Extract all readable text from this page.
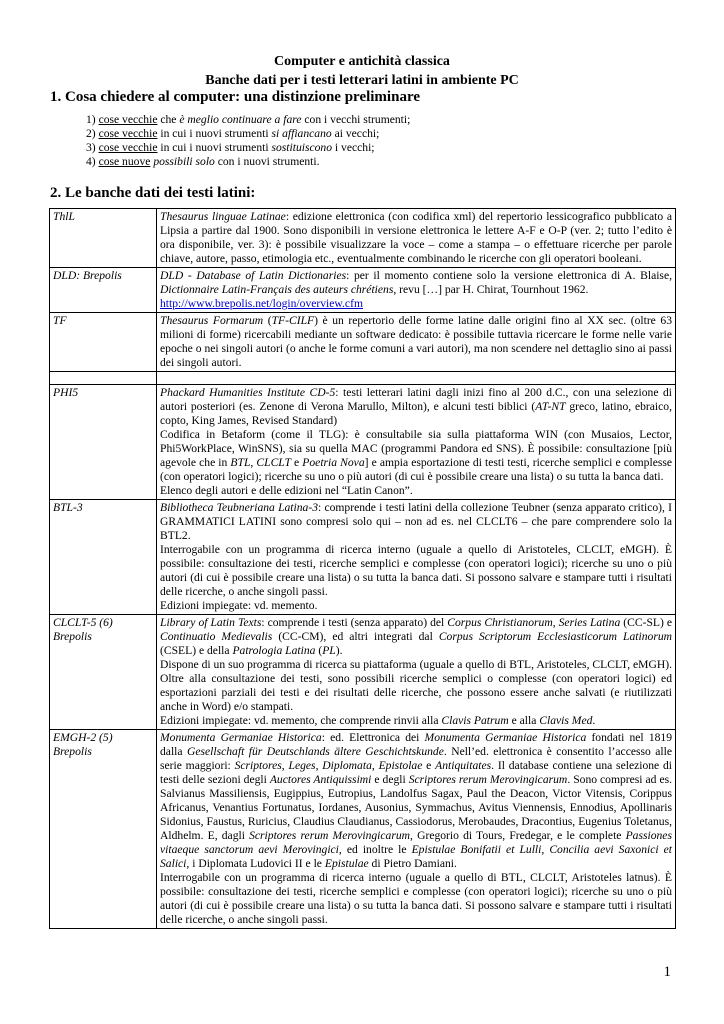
Computer e antichità classica
Banche dati per i testi letterari latini in ambiente PC
1. Cosa chiedere al computer: una distinzione preliminare
1) cose vecchie che è meglio continuare a fare con i vecchi strumenti;
2) cose vecchie in cui i nuovi strumenti si affiancano ai vecchi;
3) cose vecchie in cui i nuovi strumenti sostituiscono i vecchi;
4) cose nuove possibili solo con i nuovi strumenti.
2. Le banche dati dei testi latini:
ThlL	Thesaurus linguae Latinae: edizione elettronica (con codifica xml) del repertorio lessicografico pubblicato a Lipsia a partire dal 1900. Sono disponibili in versione elettronica le lettere A-F e O-P (ver. 2; tutto l’edito è ora disponibile, ver. 3): è possibile visualizzare la voce – come a stampa – o effettuare ricerche per parole chiave, autore, passo, etimologia etc., eventualmente combinando le ricerche con gli operatori booleani.
DLD: Brepolis	DLD - Database of Latin Dictionaries: per il momento contiene solo la versione elettronica di A. Blaise, Dictionnaire Latin-Français des auteurs chrétiens, revu […] par H. Chirat, Tournhout 1962.
http://www.brepolis.net/login/overview.cfm
TF	Thesaurus Formarum (TF-CILF) è un repertorio delle forme latine dalle origini fino al XX sec. (oltre 63 milioni di forme) ricercabili mediante un software dedicato: è possibile tuttavia ricercare le forme nelle varie epoche o nei singoli autori (o anche le forme comuni a vari autori), ma non scendere nel dettaglio sino ai passi dei singoli autori.

PHI5	Phackard Humanities Institute CD-5: testi letterari latini dagli inizi fino al 200 d.C., con una selezione di autori posteriori (es. Zenone di Verona Marullo, Milton), e alcuni testi biblici (AT-NT greco, latino, ebraico, copto, King James, Revised Standard)
Codifica in Betaform (come il TLG): è consultabile sia sulla piattaforma WIN (con Musaios, Lector, Phi5WorkPlace, WinSNS), sia su quella MAC (programmi Pandora ed SNS). È possibile: consultazione [più agevole che in BTL, CLCLT e Poetria Nova] e ampia esportazione di testi testi, ricerche semplici e complesse (con operatori logici); ricerche su uno o più autori (di cui è possibile creare una lista) o su tutta la banca dati.
Elenco degli autori e delle edizioni nel “Latin Canon”.
BTL-3	Bibliotheca Teubneriana Latina-3: comprende i testi latini della collezione Teubner (senza apparato critico), I GRAMMATICI LATINI sono compresi solo qui – non ad es. nel CLCLT6 – che pare comprendere solo la BTL2.
Interrogabile con un programma di ricerca interno (uguale a quello di Aristoteles, CLCLT, eMGH). È possibile: consultazione dei testi, ricerche semplici e complesse (con operatori logici); ricerche su uno o più autori (di cui è possibile creare una lista) o su tutta la banca dati. Si possono salvare e stampare tutti i risultati delle ricerche, o anche singoli passi.
Edizioni impiegate: vd. memento.
CLCLT-5 (6)
Brepolis	Library of Latin Texts: comprende i testi (senza apparato) del Corpus Christianorum, Series Latina (CC-SL) e Continuatio Medievalis (CC-CM), ed altri integrati dal Corpus Scriptorum Ecclesiasticorum Latinorum (CSEL) e della Patrologia Latina (PL).
Dispone di un suo programma di ricerca su piattaforma (uguale a quello di BTL, Aristoteles, CLCLT, eMGH). Oltre alla consultazione dei testi, sono possibili ricerche semplici o complesse (con operatori logici) ed esportazioni parziali dei testi e dei risultati delle ricerche, che possono essere anche salvati (e riutilizzati anche in Word) e/o stampati.
Edizioni impiegate: vd. memento, che comprende rinvii alla Clavis Patrum e alla Clavis Med.
EMGH-2 (5)
Brepolis	Monumenta Germaniae Historica: ed. Elettronica dei Monumenta Germaniae Historica fondati nel 1819 dalla Gesellschaft für Deutschlands ältere Geschichtskunde. Nell’ed. elettronica è consentito l’accesso alle serie maggiori: Scriptores, Leges, Diplomata, Epistolae e Antiquitates. Il database contiene una selezione di testi delle sezioni degli Auctores Antiquissimi e degli Scriptores rerum Merovingicarum. Sono compresi ad es. Salvianus Massiliensis, Eugippius, Eutropius, Landolfus Sagax, Paul the Deacon, Victor Vitensis, Corippus Africanus, Venantius Fortunatus, Iordanes, Ausonius, Symmachus, Avitus Viennensis, Ennodius, Apollinaris Sidonius, Faustus, Ruricius, Claudius Claudianus, Cassiodorus, Merobaudes, Dracontius, Eugenius Toletanus, Aldhelm. E, dagli Scriptores rerum Merovingicarum, Gregorio di Tours, Fredegar, e le complete Passiones vitaeque sanctorum aevi Merovingici, ed inoltre le Epistulae Bonifatii et Lulli, Concilia aevi Saxonici et Salici, i Diplomata Ludovici II e le Epistulae di Pietro Damiani.
Interrogabile con un programma di ricerca interno (uguale a quello di BTL, CLCLT, Aristoteles latnus). È possibile: consultazione dei testi, ricerche semplici e complesse (con operatori logici); ricerche su uno o più autori (di cui è possibile creare una lista) o su tutta la banca dati. Si possono salvare e stampare tutti i risultati delle ricerche, o anche singoli passi.
1
